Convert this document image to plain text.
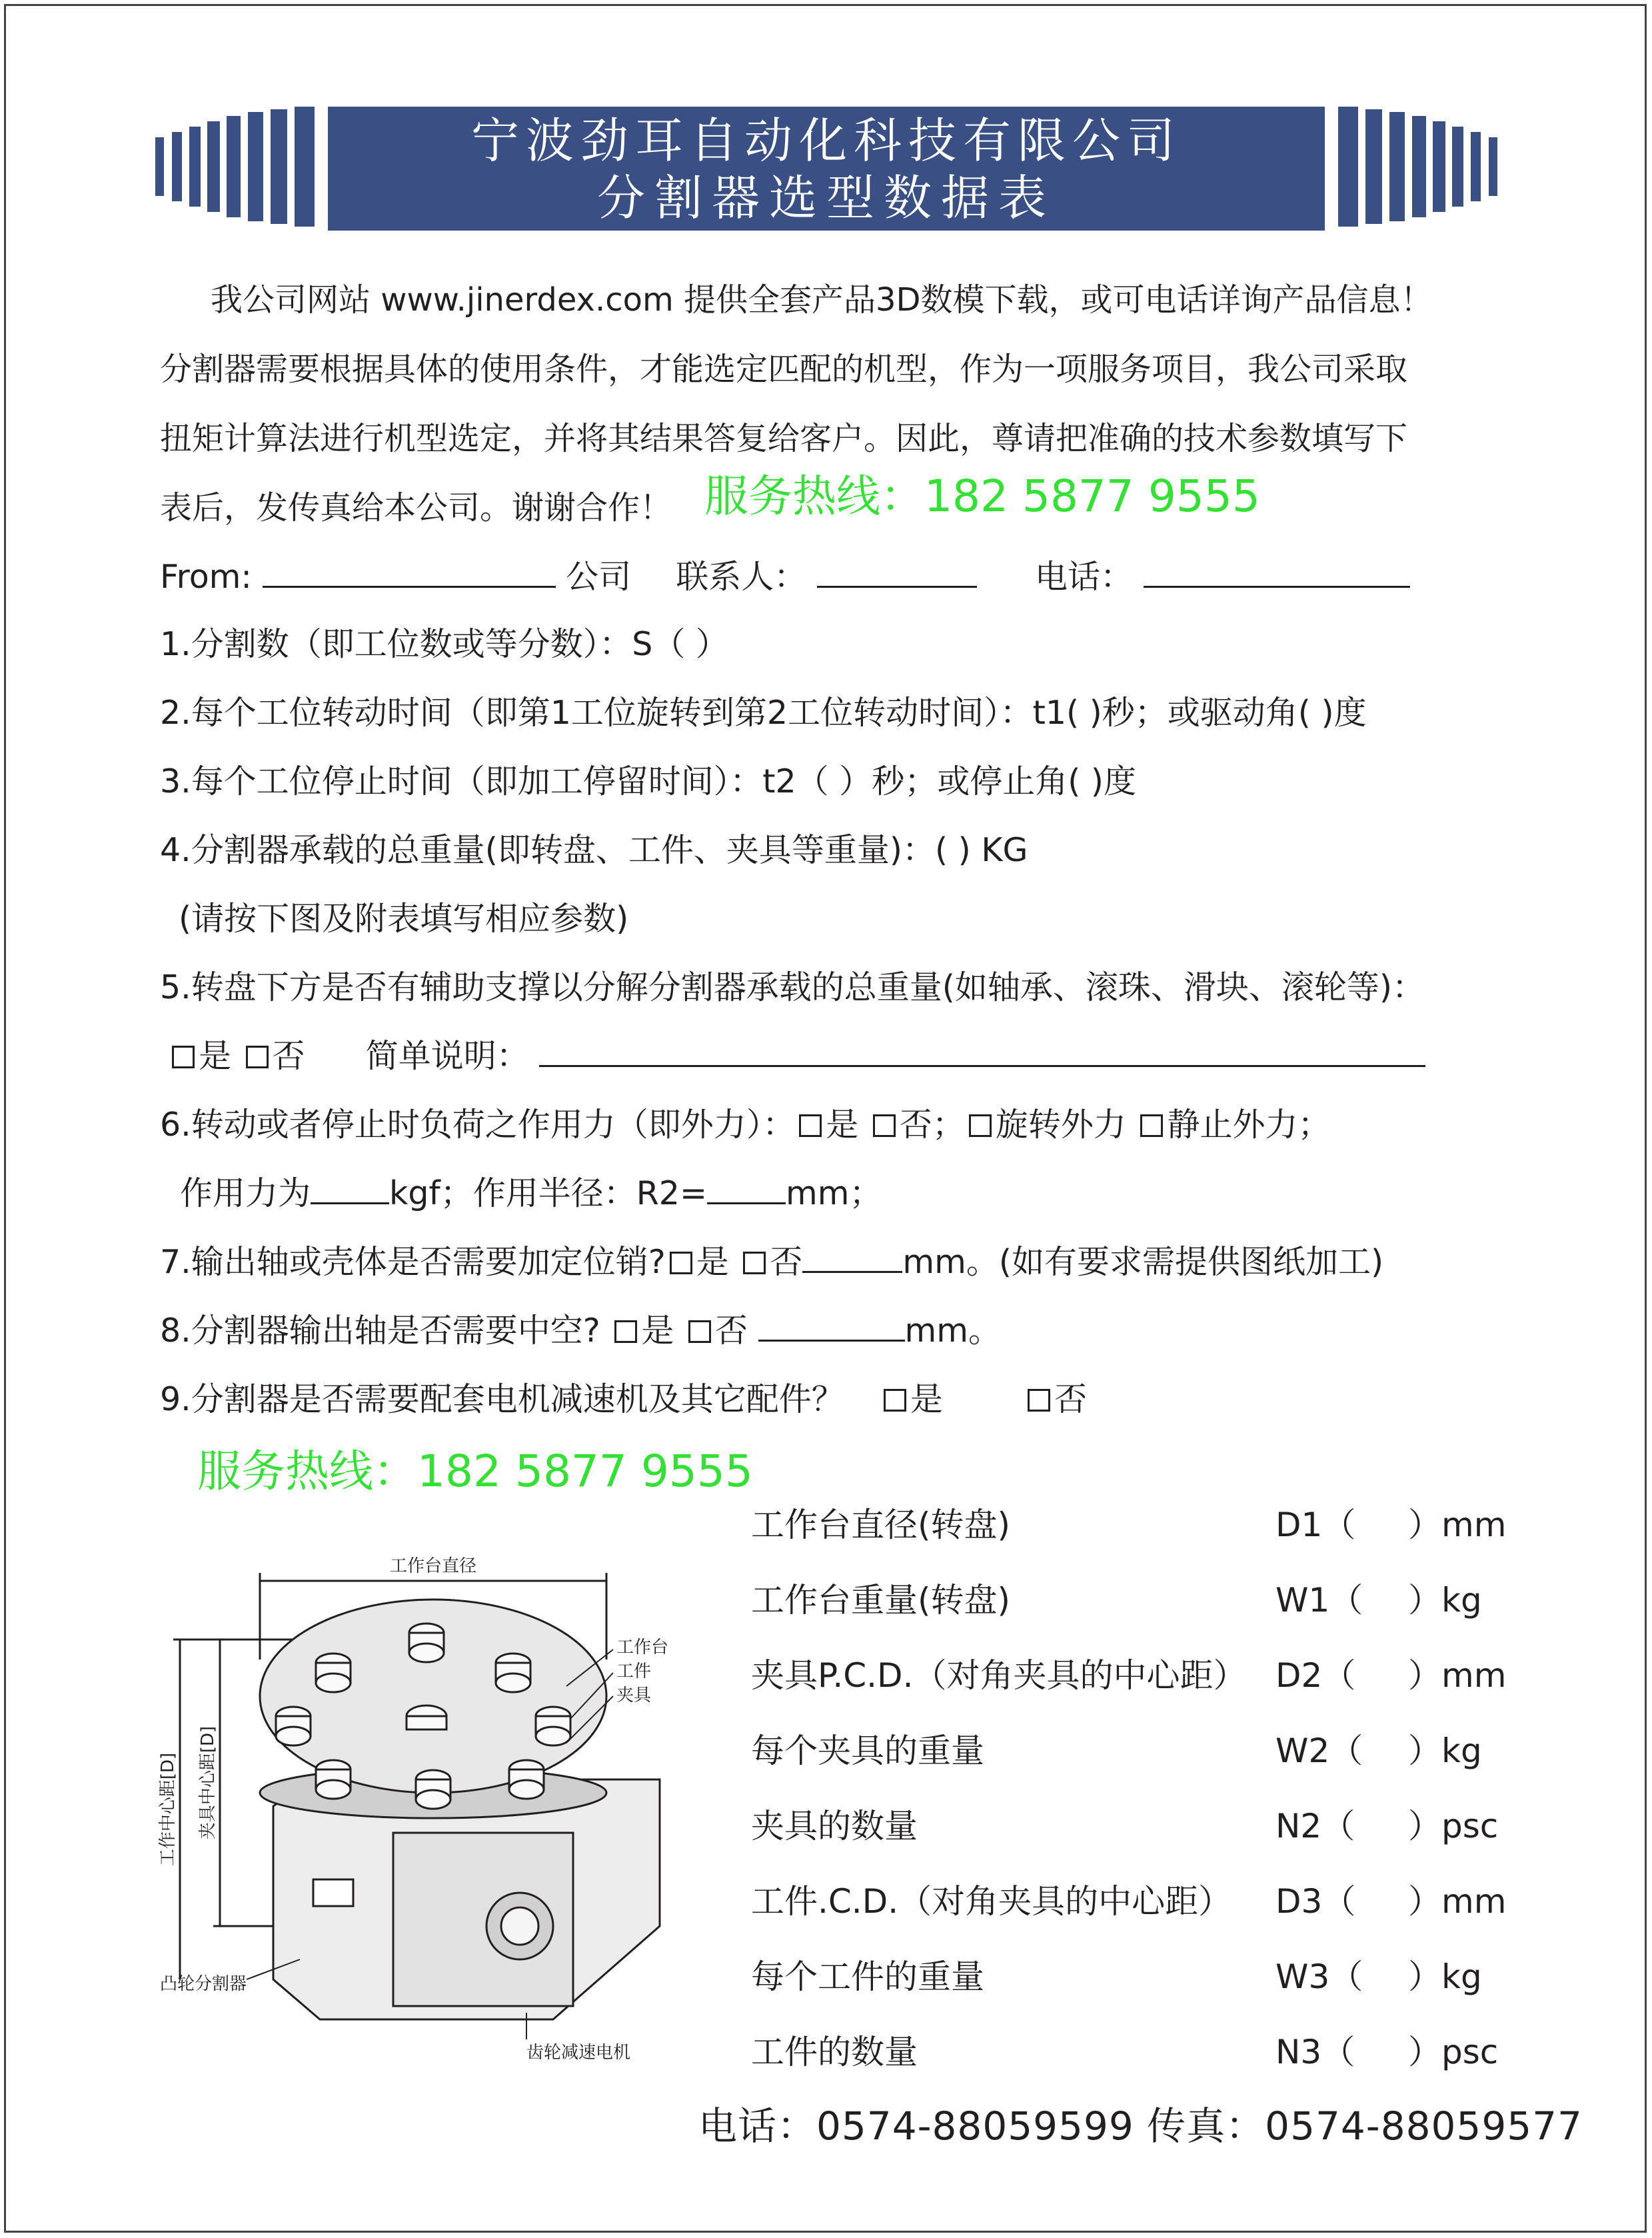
宁波劲耳自动化科技有限公司
分割器选型数据表
我公司网站 www.jinerdex.com 提供全套产品3D数模下载，或可电话详询产品信息！
分割器需要根据具体的使用条件，才能选定匹配的机型，作为一项服务项目，我公司采取
扭矩计算法进行机型选定，并将其结果答复给客户。因此，尊请把准确的技术参数填写下
表后，发传真给本公司。谢谢合作！ 服务热线：182 5877 9555
From:	公司 联系人：	电话：
1.分割数（即工位数或等分数）：S（ ）
2.每个工位转动时间（即第1工位旋转到第2工位转动时间）：t1( )秒；或驱动角( )度
3.每个工位停止时间（即加工停留时间）：t2（ ）秒；或停止角( )度
4.分割器承载的总重量(即转盘、工件、夹具等重量)：( ) KG
(请按下图及附表填写相应参数)
5.转盘下方是否有辅助支撑以分解分割器承载的总重量(如轴承、滚珠、滑块、滚轮等)：
是 否 简单说明：
6.转动或者停止时负荷之作用力（即外力）： 是 否； 旋转外力 静止外力；
作用力为 kgf；作用半径：R2= mm；
7.输出轴或壳体是否需要加定位销? 是 否	mm。(如有要求需提供图纸加工)
8.分割器输出轴是否需要中空? 是 否	mm。
9.分割器是否需要配套电机减速机及其它配件？ 是	否
服务热线：182 5877 9555
工作台直径(转盘)	D1（ ）mm
工作台重量(转盘)	W1（ ）kg
夹具P.C.D.（对角夹具的中心距） D2（ ）mm
每个夹具的重量	W2（ ）kg
夹具的数量	N2（ ）psc
工件.C.D.（对角夹具的中心距） D3（ ）mm
每个工件的重量	W3（ ）kg
工件的数量	N3（ ）psc
工作台直径
工作中心距[D] 夹具中心距[D]
工作台
工件
夹具
凸轮分割器
齿轮减速电机
电话：0574-88059599 传真：0574-88059577
